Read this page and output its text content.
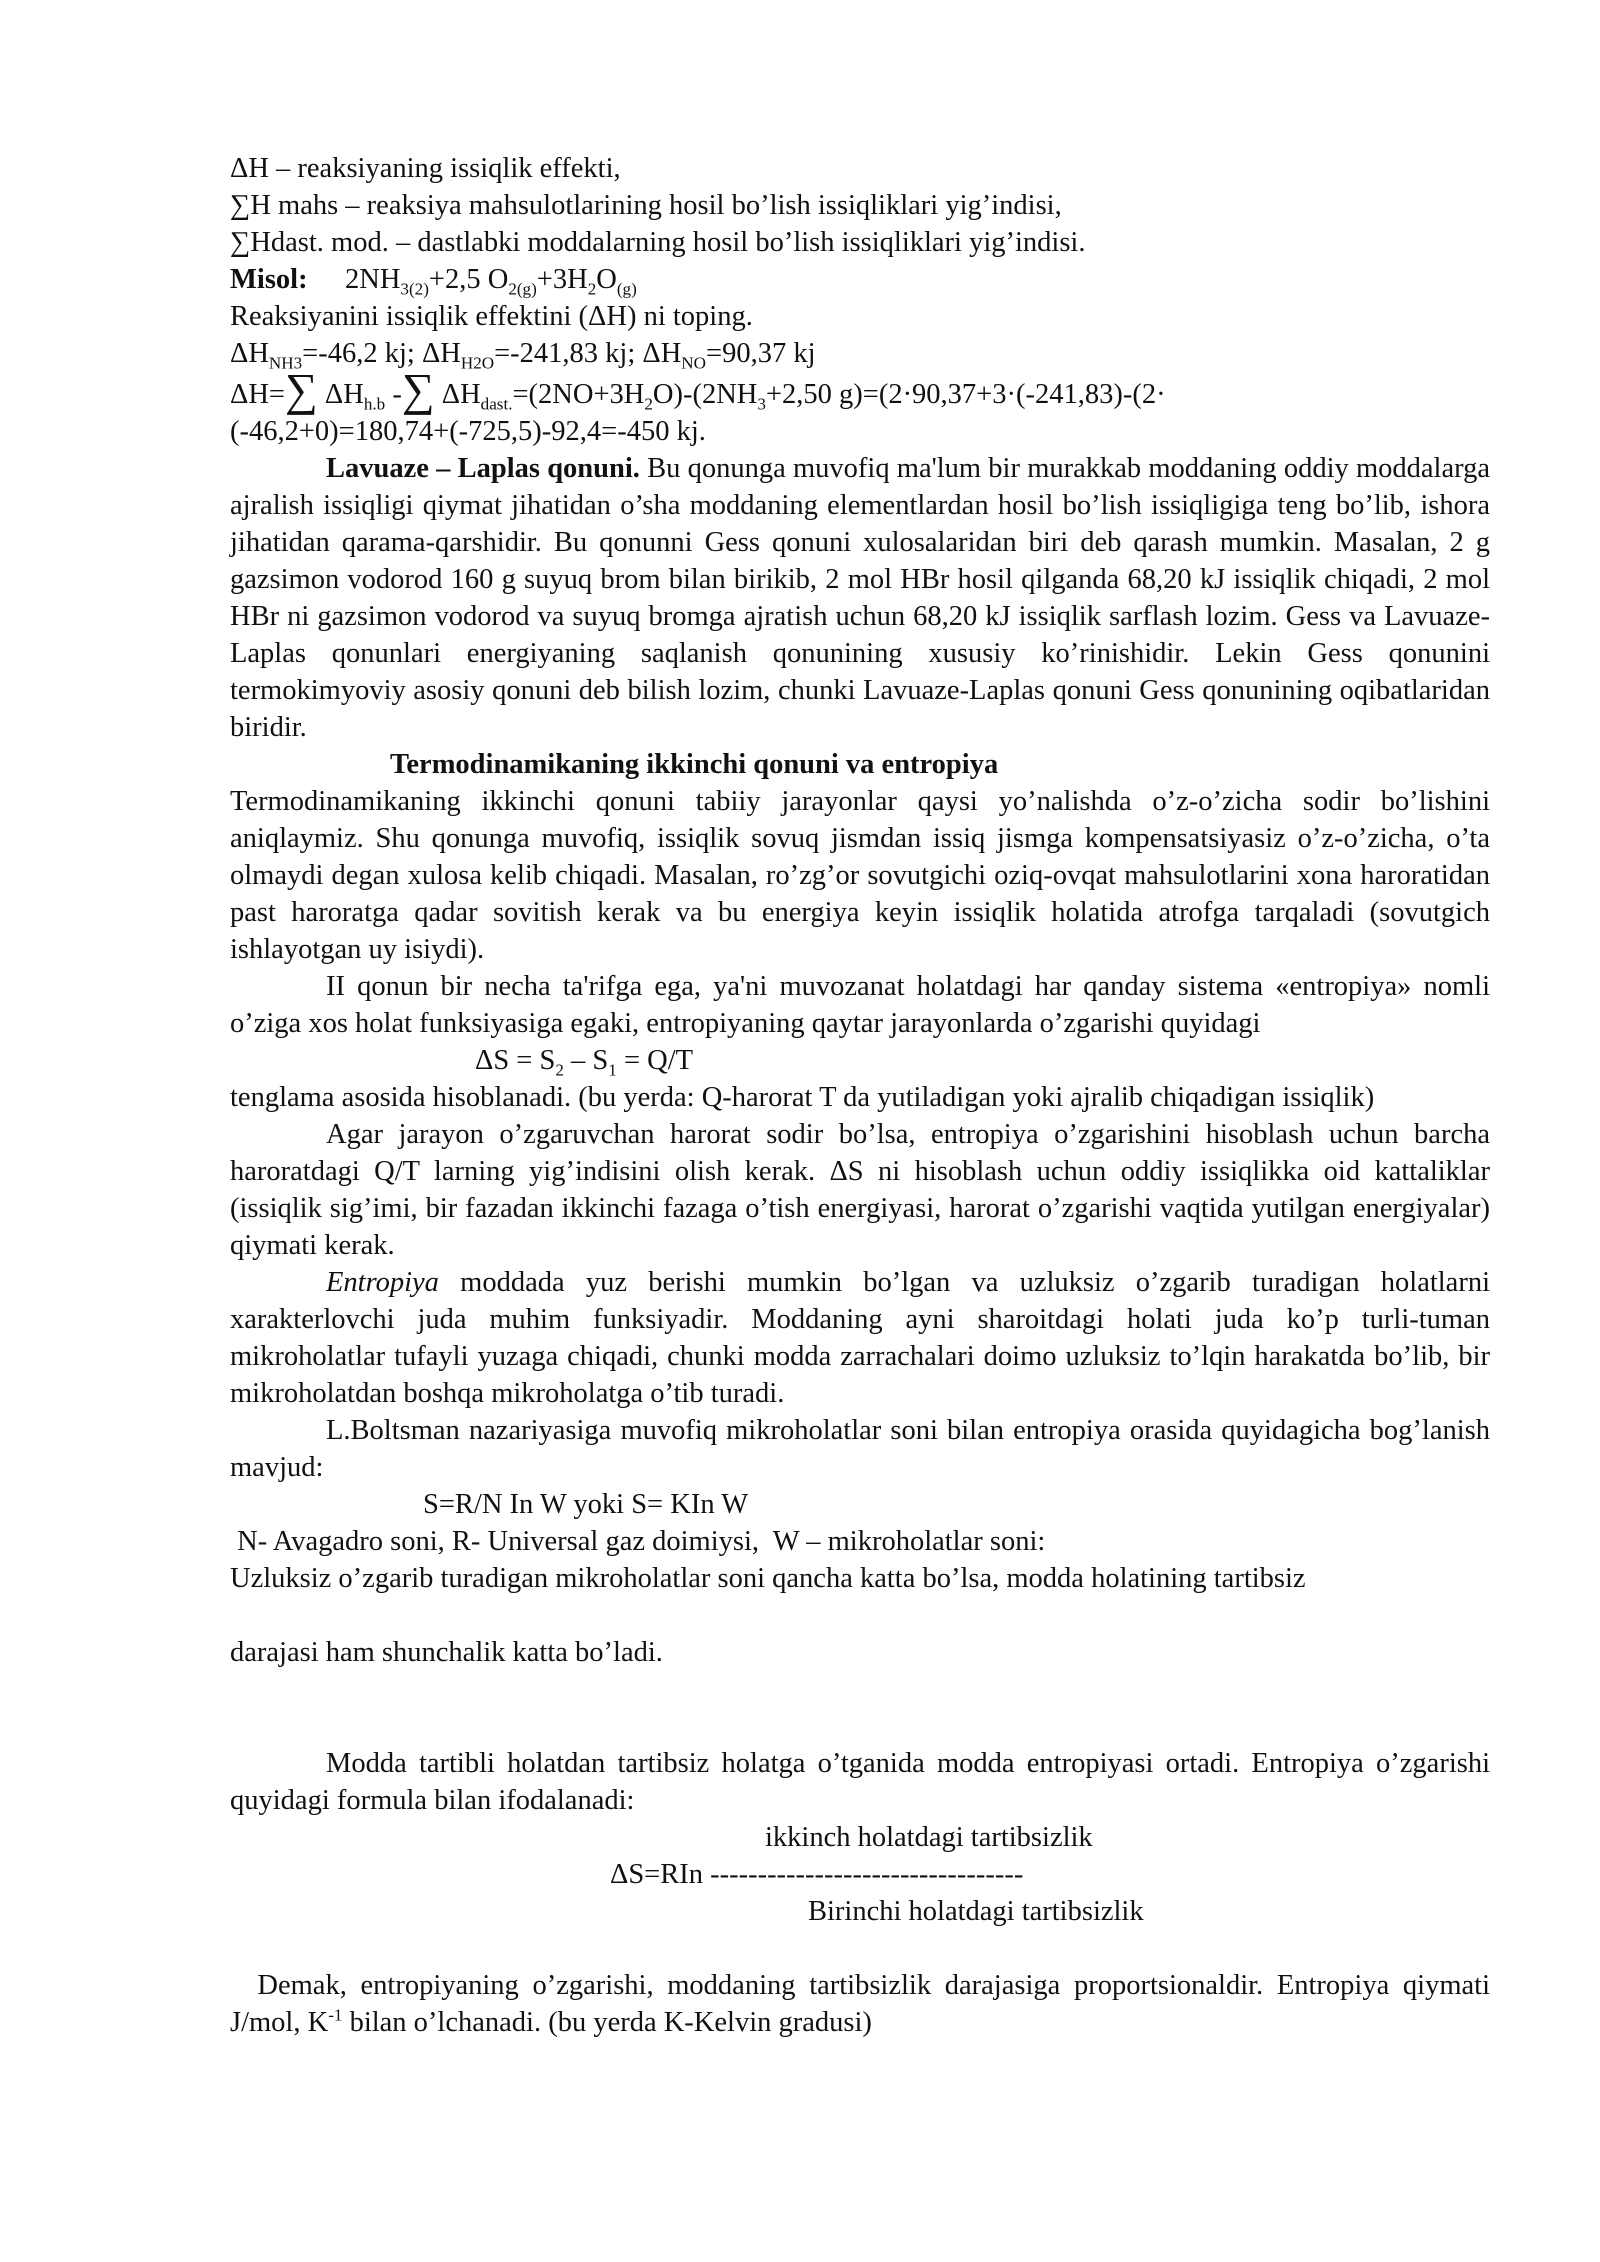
ΔH – reaksiyaning issiqlik effekti,

∑H mahs – reaksiya mahsulotlarining hosil bo’lish issiqliklari yig’indisi,

∑Hdast. mod. – dastlabki moddalarning hosil bo’lish issiqliklari yig’indisi.

Misol: $2NH_{3(2)}+2,5$ $O_{2(g)}+3H_2O_{(g)}$

Reaksiyanini issiqlik effektini (ΔH) ni toping.

$\Delta H_{NH3}=-46,2$ kj; $\Delta H_{H2O}=-241,83$ kj; $\Delta H_{NO}=90,37$ kj

ΔH=∑ $\Delta H_{h.b}$ -∑ $\Delta H_{dast.}=(2NO+3H_2O)-(2NH_3+2,50$ g)=(2·90,37+3·(-241,83)-(2·

(-46,2+0)=180,74+(-725,5)-92,4=-450 kj.

Lavuaze – Laplas qonuni. Bu qonunga muvofiq ma'lum bir murakkab moddaning oddiy moddalarga ajralish issiqligi qiymat jihatidan o’sha moddaning elementlardan hosil bo’lish issiqligiga teng bo’lib, ishora jihatidan qarama-qarshidir. Bu qonunni Gess qonuni xulosalaridan biri deb qarash mumkin. Masalan, 2 g gazsimon vodorod 160 g suyuq brom bilan birikib, 2 mol HBr hosil qilganda 68,20 kJ issiqlik chiqadi, 2 mol HBr ni gazsimon vodorod va suyuq bromga ajratish uchun 68,20 kJ issiqlik sarflash lozim. Gess va Lavuaze-Laplas qonunlari energiyaning saqlanish qonunining xususiy ko’rinishidir. Lekin Gess qonunini termokimyoviy asosiy qonuni deb bilish lozim, chunki Lavuaze-Laplas qonuni Gess qonunining oqibatlaridan biridir.

Termodinamikaning ikkinchi qonuni va entropiya

Termodinamikaning ikkinchi qonuni tabiiy jarayonlar qaysi yo’nalishda o’z-o’zicha sodir bo’lishini aniqlaymiz. Shu qonunga muvofiq, issiqlik sovuq jismdan issiq jismga kompensatsiyasiz o’z-o’zicha, o’ta olmaydi degan xulosa kelib chiqadi. Masalan, ro’zg’or sovutgichi oziq-ovqat mahsulotlarini xona haroratidan past haroratga qadar sovitish kerak va bu energiya keyin issiqlik holatida atrofga tarqaladi (sovutgich ishlayotgan uy isiydi).

II qonun bir necha ta'rifga ega, ya'ni muvozanat holatdagi har qanday sistema «entropiya» nomli o’ziga xos holat funksiyasiga egaki, entropiyaning qaytar jarayonlarda o’zgarishi quyidagi

$\Delta S = S_2 - S_1 = Q/T$

tenglama asosida hisoblanadi. (bu yerda: Q-harorat T da yutiladigan yoki ajralib chiqadigan issiqlik)

Agar jarayon o’zgaruvchan harorat sodir bo’lsa, entropiya o’zgarishini hisoblash uchun barcha haroratdagi Q/T larning yig’indisini olish kerak. ΔS ni hisoblash uchun oddiy issiqlikka oid kattaliklar (issiqlik sig’imi, bir fazadan ikkinchi fazaga o’tish energiyasi, harorat o’zgarishi vaqtida yutilgan energiyalar) qiymati kerak.

Entropiya moddada yuz berishi mumkin bo’lgan va uzluksiz o’zgarib turadigan holatlarni xarakterlovchi juda muhim funksiyadir. Moddaning ayni sharoitdagi holati juda ko’p turli-tuman mikroholatlar tufayli yuzaga chiqadi, chunki modda zarrachalari doimo uzluksiz to’lqin harakatda bo’lib, bir mikroholatdan boshqa mikroholatga o’tib turadi.

L.Boltsman nazariyasiga muvofiq mikroholatlar soni bilan entropiya orasida quyidagicha bog’lanish mavjud:

S=R/N In W yoki S= KIn W

N- Avagadro soni, R- Universal gaz doimiysi,  W – mikroholatlar soni:

Uzluksiz o’zgarib turadigan mikroholatlar soni qancha katta bo’lsa, modda holatining tartibsiz

darajasi ham shunchalik katta bo’ladi.

Modda tartibli holatdan tartibsiz holatga o’tganida modda entropiyasi ortadi. Entropiya o’zgarishi quyidagi formula bilan ifodalanadi:

ikkinch holatdagi tartibsizlik

ΔS=RIn ---------------------------------

Birinchi holatdagi tartibsizlik

Demak, entropiyaning o’zgarishi, moddaning tartibsizlik darajasiga proportsionaldir. Entropiya qiymati J/mol, $K^{-1}$ bilan o’lchanadi. (bu yerda K-Kelvin gradusi)
